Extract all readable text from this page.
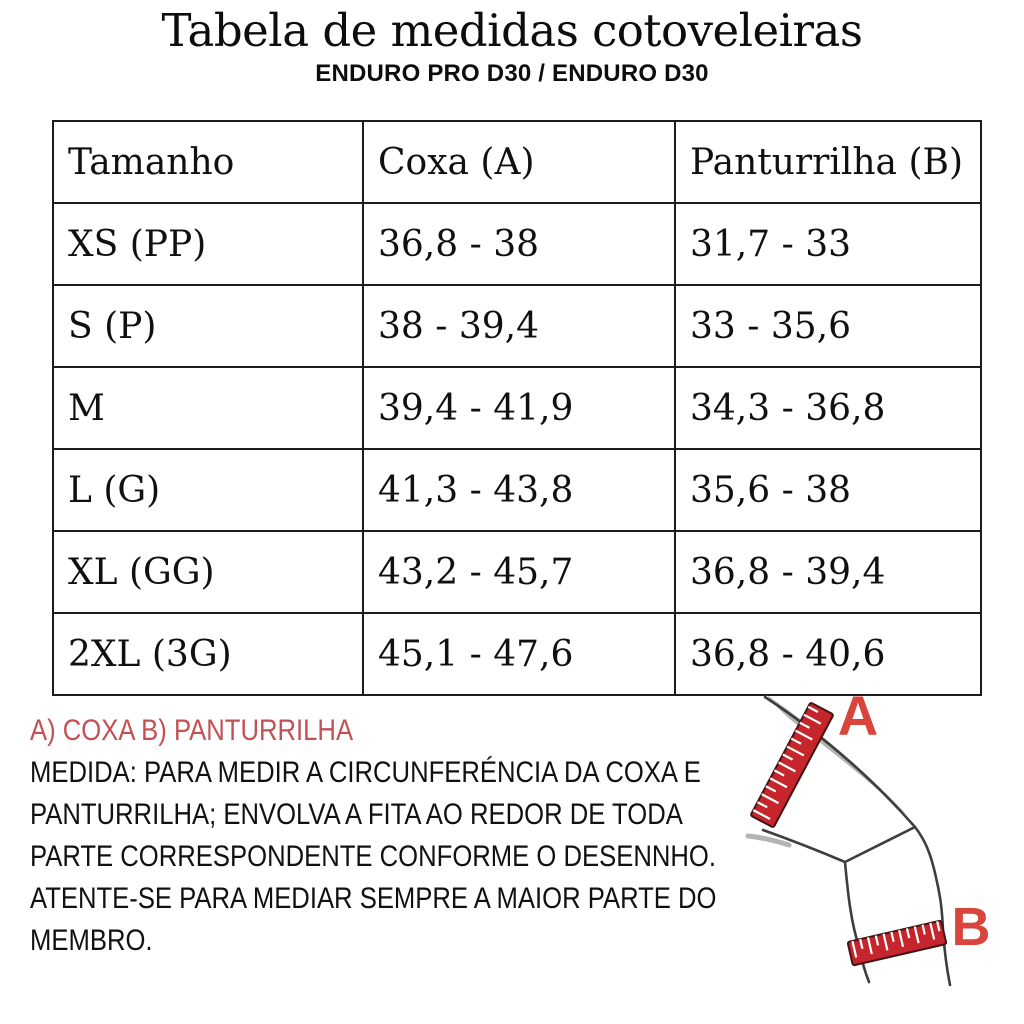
Tabela de medidas cotoveleiras
ENDURO PRO D30 / ENDURO D30
Tamanho	Coxa (A)	Panturrilha (B)
XS (PP)	36,8 - 38	31,7 - 33
S (P)	38 - 39,4	33 - 35,6
M	39,4 - 41,9	34,3 - 36,8
L (G)	41,3 - 43,8	35,6 - 38
XL (GG)	43,2 - 45,7	36,8 - 39,4
2XL (3G)	45,1 - 47,6	36,8 - 40,6
A) COXA B) PANTURRILHA
MEDIDA: PARA MEDIR A CIRCUNFERÉNCIA DA COXA E
PANTURRILHA; ENVOLVA A FITA AO REDOR DE TODA
PARTE CORRESPONDENTE CONFORME O DESENNHO.
ATENTE-SE PARA MEDIAR SEMPRE A MAIOR PARTE DO
MEMBRO.
A
B
